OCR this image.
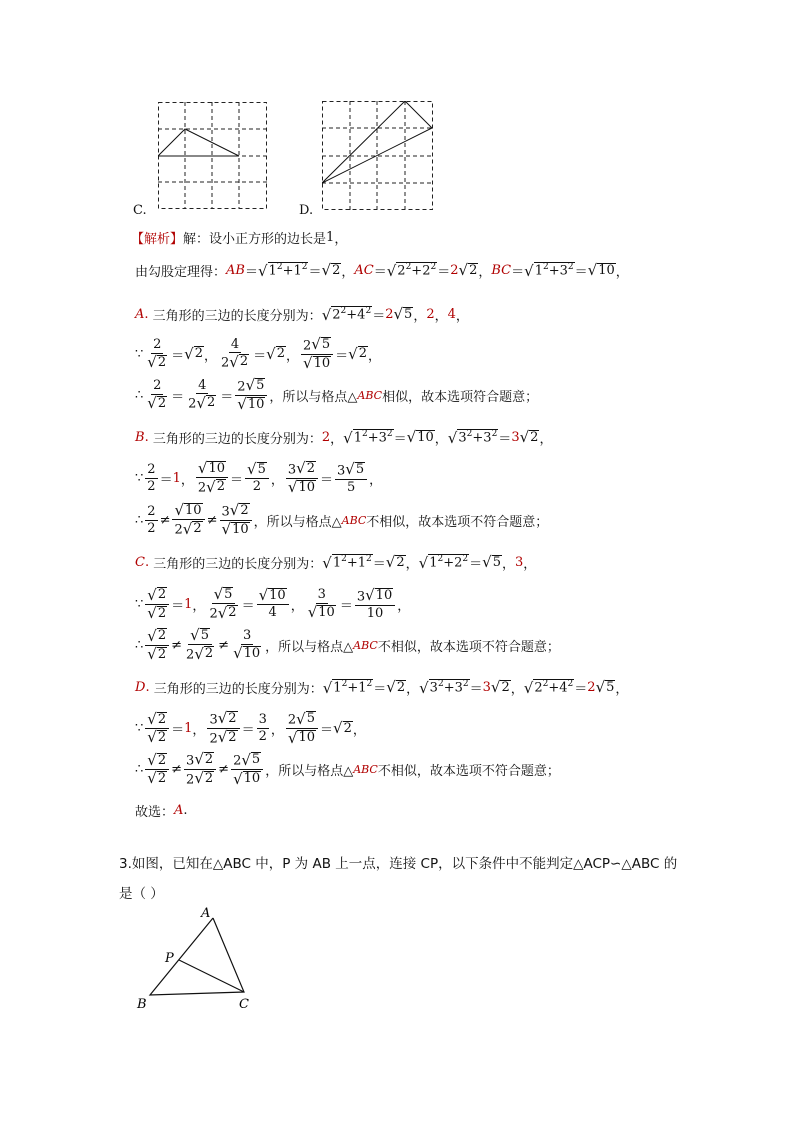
C.	D.
【解析】 解：设小正方形的边长是 1 ，
由勾股定理得： AB ＝ √ $1^2+1^2$ ＝ √ 2 ， AC ＝ √ $2^2+2^2 = 2$ √ 2 ， BC ＝ √ $1^2+3^2$ ＝ √ 10 ，
A .
三角形的三边的长度分别为： √ $2^2+4^2 = 2$ √ 5 ， 2 ， 4 ，
∵ $\frac{2}{√ 2}$ ＝ √ 2 ， $\frac{4}{2 √ 2}$ ＝ √ 2 ， $\frac{2 √ 5}{√ 10}$ ＝ √ 2 ，
∴ $\frac{2}{√ 2} = \frac{4}{2 √ 2} = \frac{2 √ 5}{√ 10}$ ，所以与格点△ ABC 相似，故本选项符合题意；
B .
三角形的三边的长度分别为： 2 ， √ $1^2+3^2$ ＝ √ 10 ， √ $3^2+3^2 = 3$ √ 2 ，
∵ $\frac{2}{2} = 1$ ， $\frac{√ 10}{2 √ 2} = \frac{√ 5}{2}$ ， $\frac{3 √ 2}{√ 10} = \frac{3 √ 5}{5}$ ，
∴ $\frac{2}{2} \ne \frac{√ 10}{2 √ 2} \ne \frac{3 √ 2}{√ 10}$ ，所以与格点△ ABC 不相似，故本选项不符合题意；
C .
三角形的三边的长度分别为： √ $1^2+1^2$ ＝ √ 2 ， √ $1^2+2^2$ ＝ √ 5 ， 3 ，
∵ $\frac{√ 2}{√ 2} = 1$ ， $\frac{√ 5}{2 √ 2} = \frac{√ 10}{4}$ ， $\frac{3}{√ 10} = \frac{3 √ 10}{10}$ ，
∴ $\frac{√ 2}{√ 2} \ne \frac{√ 5}{2 √ 2} \ne \frac{3}{√ 10}$ ，所以与格点△ ABC 不相似，故本选项不符合题意；
D .
三角形的三边的长度分别为： √ $1^2+1^2$ ＝ √ 2 ， √ $3^2+3^2 = 3$ √ 2 ， √ $2^2+4^2 = 2$ √ 5 ，
∵ $\frac{√ 2}{√ 2} = 1$ ， $\frac{3 √ 2}{2 √ 2} = \frac{3}{2}$ ， $\frac{2 √ 5}{√ 10}$ ＝ √ 2 ，
∴ $\frac{√ 2}{√ 2} \ne \frac{3 √ 2}{2 √ 2} \ne \frac{2 √ 5}{√ 10}$ ，所以与格点△ ABC 不相似，故本选项不符合题意；
故选： A .
3.如图，已知在△ABC 中，P 为 AB 上一点，连接 CP，以下条件中不能判定△ACP∽△ABC 的
是（ ）
A
P
B	C
